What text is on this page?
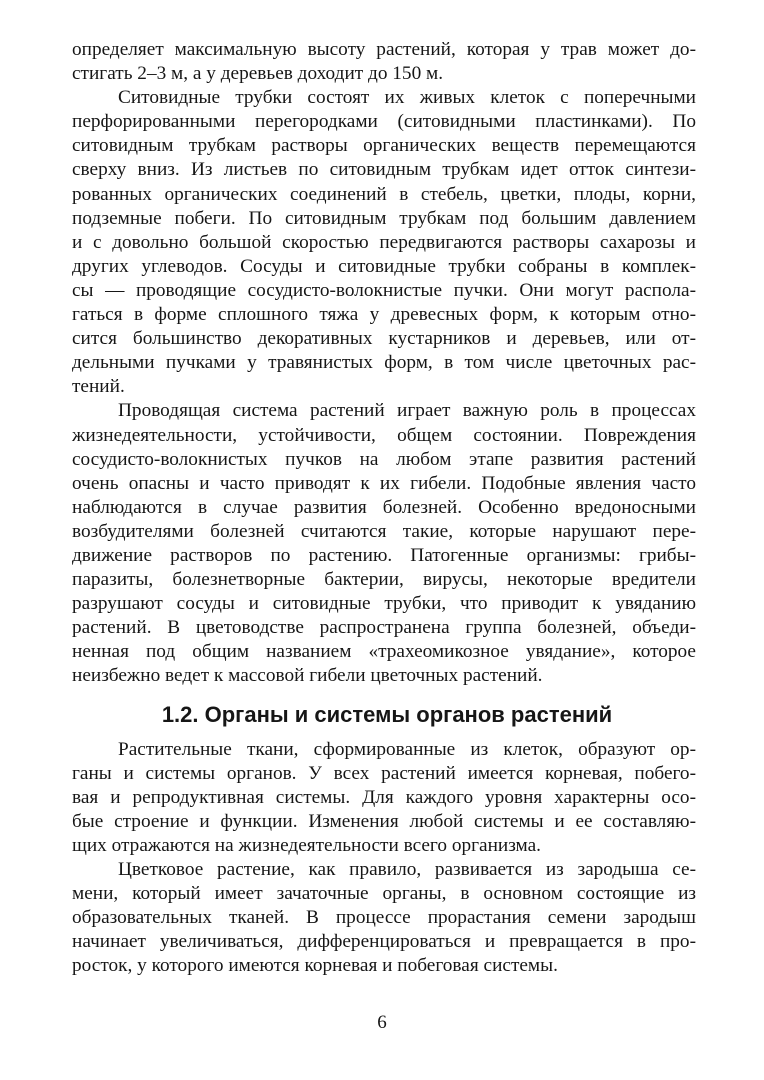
определяет максимальную высоту растений, которая у трав может до-
стигать 2–3 м, а у деревьев доходит до 150 м.
Ситовидные трубки состоят их живых клеток с поперечными
перфорированными перегородками (ситовидными пластинками). По
ситовидным трубкам растворы органических веществ перемещаются
сверху вниз. Из листьев по ситовидным трубкам идет отток синтези-
рованных органических соединений в стебель, цветки, плоды, корни,
подземные побеги. По ситовидным трубкам под большим давлением
и с довольно большой скоростью передвигаются растворы сахарозы и
других углеводов. Сосуды и ситовидные трубки собраны в комплек-
сы — проводящие сосудисто-волокнистые пучки. Они могут распола-
гаться в форме сплошного тяжа у древесных форм, к которым отно-
сится большинство декоративных кустарников и деревьев, или от-
дельными пучками у травянистых форм, в том числе цветочных рас-
тений.
Проводящая система растений играет важную роль в процессах
жизнедеятельности, устойчивости, общем состоянии. Повреждения
сосудисто-волокнистых пучков на любом этапе развития растений
очень опасны и часто приводят к их гибели. Подобные явления часто
наблюдаются в случае развития болезней. Особенно вредоносными
возбудителями болезней считаются такие, которые нарушают пере-
движение растворов по растению. Патогенные организмы: грибы-
паразиты, болезнетворные бактерии, вирусы, некоторые вредители
разрушают сосуды и ситовидные трубки, что приводит к увяданию
растений. В цветоводстве распространена группа болезней, объеди-
ненная под общим названием «трахеомикозное увядание», которое
неизбежно ведет к массовой гибели цветочных растений.
1.2. Органы и системы органов растений
Растительные ткани, сформированные из клеток, образуют ор-
ганы и системы органов. У всех растений имеется корневая, побего-
вая и репродуктивная системы. Для каждого уровня характерны осо-
бые строение и функции. Изменения любой системы и ее составляю-
щих отражаются на жизнедеятельности всего организма.
Цветковое растение, как правило, развивается из зародыша се-
мени, который имеет зачаточные органы, в основном состоящие из
образовательных тканей. В процессе прорастания семени зародыш
начинает увеличиваться, дифференцироваться и превращается в про-
росток, у которого имеются корневая и побеговая системы.
6
